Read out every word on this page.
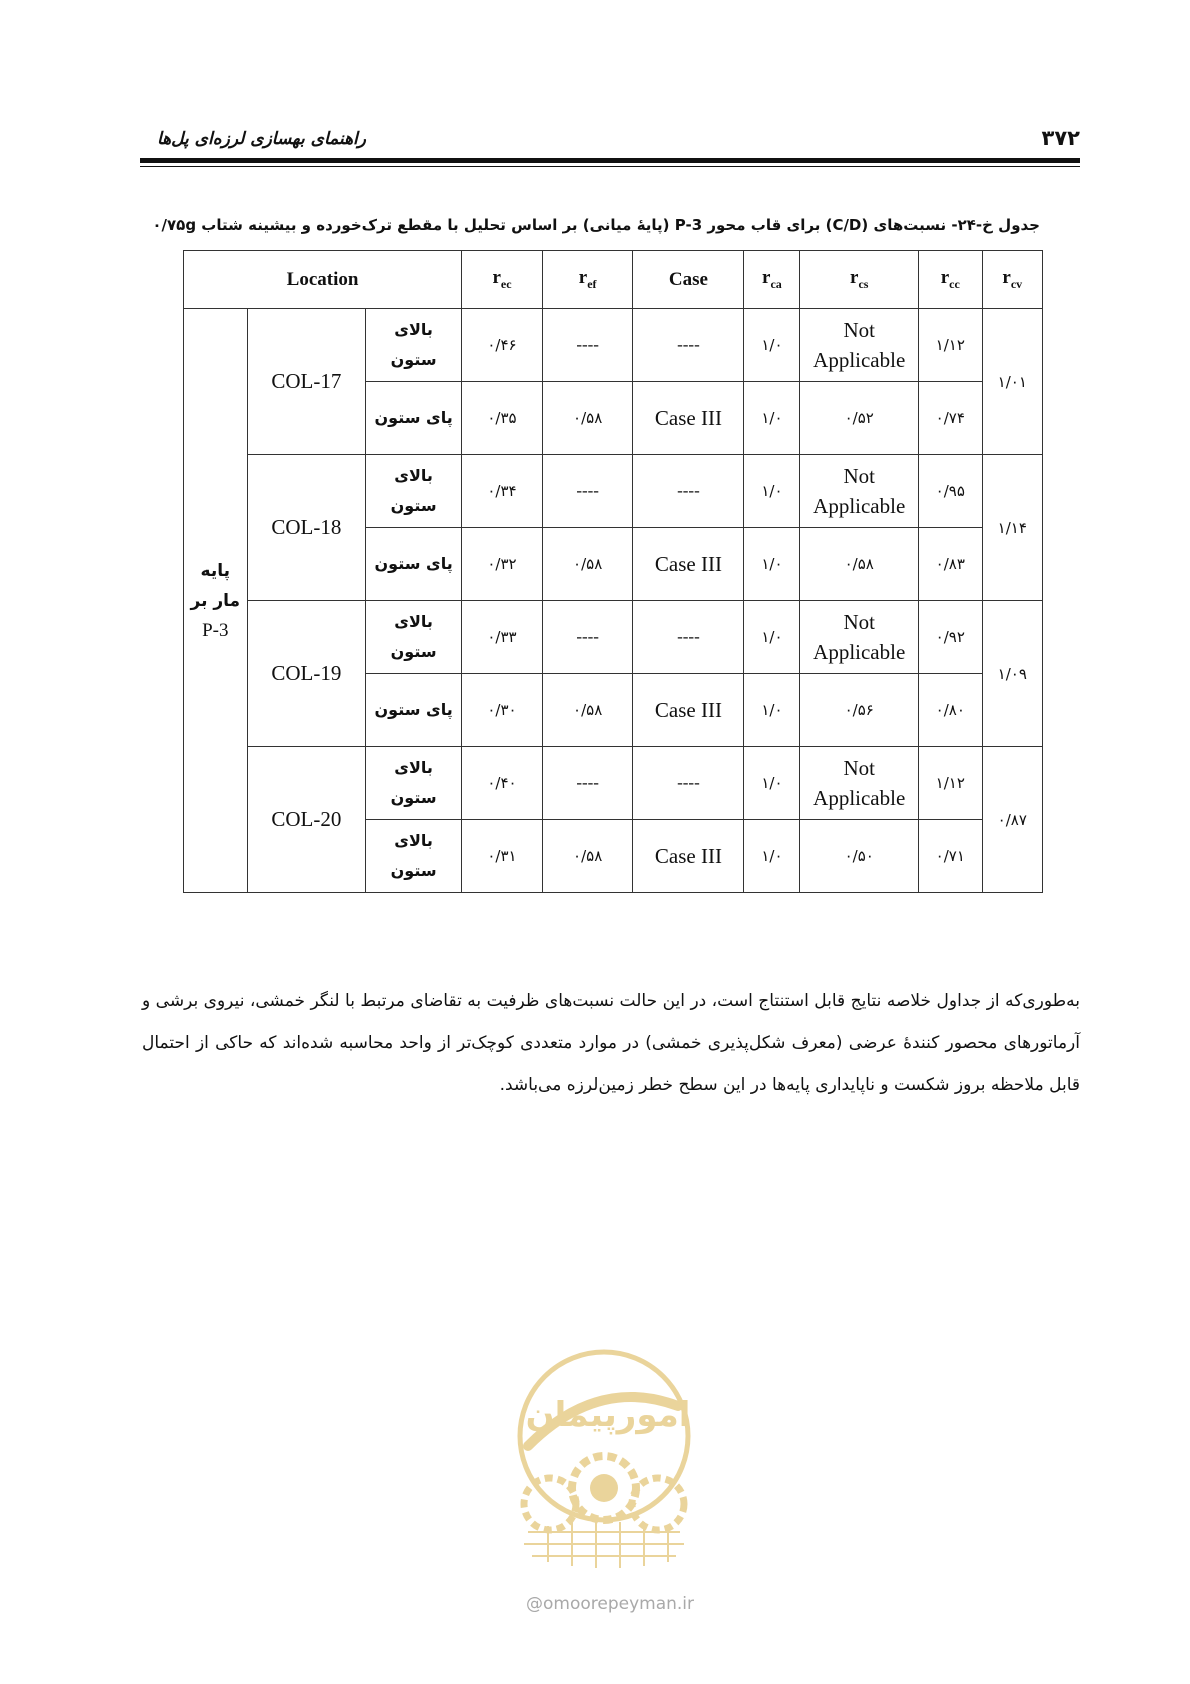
۳۷۲
راهنمای بهسازی لرزه‌ای پل‌ها
جدول خ-۲۴- نسبت‌های (C/D) برای قاب محور P-3 (پایهٔ میانی) بر اساس تحلیل با مقطع ترک‌خورده و بیشینه شتاب ۰/۷۵g
Location			$r_{ec}$	$r_{ef}$	Case	$r_{ca}$	$r_{cs}$	$r_{cc}$	$r_{cv}$

پایه
مار بر
P-3	COL-17	بالای ستون	۰/۴۶	----	----	۱/۰	Not Applicable	۱/۱۲	۱/۰۱
		پای ستون	۰/۳۵	۰/۵۸	Case III	۱/۰	۰/۵۲	۰/۷۴	
	COL-18	بالای ستون	۰/۳۴	----	----	۱/۰	Not Applicable	۰/۹۵	۱/۱۴
		پای ستون	۰/۳۲	۰/۵۸	Case III	۱/۰	۰/۵۸	۰/۸۳	
	COL-19	بالای ستون	۰/۳۳	----	----	۱/۰	Not Applicable	۰/۹۲	۱/۰۹
		پای ستون	۰/۳۰	۰/۵۸	Case III	۱/۰	۰/۵۶	۰/۸۰	
	COL-20	بالای ستون	۰/۴۰	----	----	۱/۰	Not Applicable	۱/۱۲	۰/۸۷
		بالای ستون	۰/۳۱	۰/۵۸	Case III	۱/۰	۰/۵۰	۰/۷۱	
به‌طوری‌که از جداول خلاصه نتایج قابل استنتاج است، در این حالت نسبت‌های ظرفیت به تقاضای مرتبط با لنگر خمشی، نیروی برشی و آرماتورهای محصور کنندهٔ عرضی (معرف شکل‌پذیری خمشی) در موارد متعددی کوچک‌تر از واحد محاسبه شده‌اند که حاکی از احتمال قابل ملاحظه بروز شکست و ناپایداری پایه‌ها در این سطح خطر زمین‌لرزه می‌باشد.
امورپیمان
@omoorepeyman.ir
